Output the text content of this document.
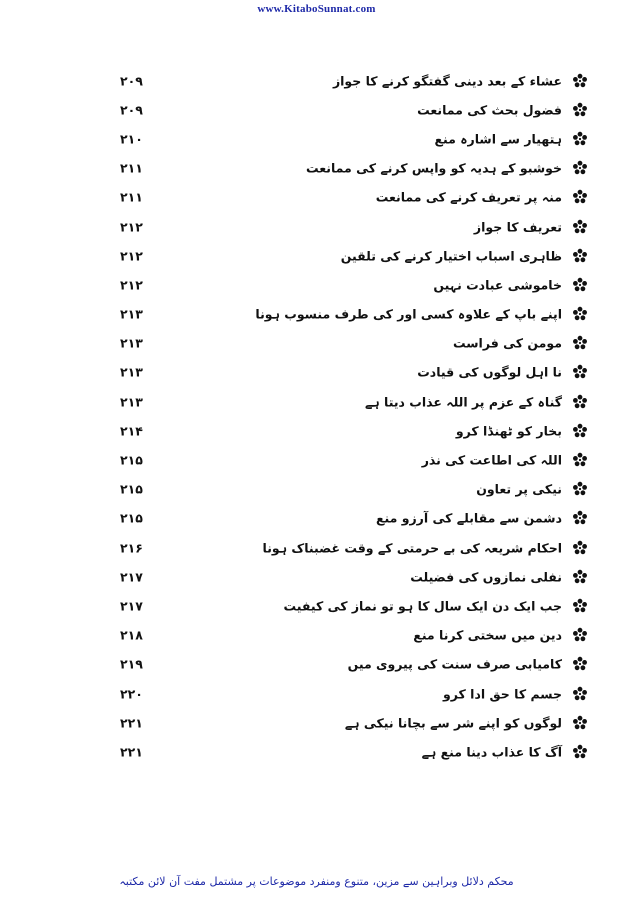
www.KitaboSunnat.com
۲۰۹	عشاء کے بعد دینی گفتگو کرنے کا جواز
۲۰۹	فضول بحث کی ممانعت
۲۱۰	ہتھیار سے اشارہ منع
۲۱۱	خوشبو کے ہدیہ کو واپس کرنے کی ممانعت
۲۱۱	منہ پر تعریف کرنے کی ممانعت
۲۱۲	تعریف کا جواز
۲۱۲	ظاہری اسباب اختیار کرنے کی تلقین
۲۱۲	خاموشی عبادت نہیں
۲۱۳	اپنے باپ کے علاوہ کسی اور کی طرف منسوب ہونا
۲۱۳	مومن کی فراست
۲۱۳	نا اہل لوگوں کی قیادت
۲۱۳	گناہ کے عزم پر اللہ عذاب دیتا ہے
۲۱۴	بخار کو ٹھنڈا کرو
۲۱۵	اللہ کی اطاعت کی نذر
۲۱۵	نیکی پر تعاون
۲۱۵	دشمن سے مقابلے کی آرزو منع
۲۱۶	احکام شریعہ کی بے حرمتی کے وقت غضبناک ہونا
۲۱۷	نفلی نمازوں کی فضیلت
۲۱۷	جب ایک دن ایک سال کا ہو تو نماز کی کیفیت
۲۱۸	دین میں سختی کرنا منع
۲۱۹	کامیابی صرف سنت کی پیروی میں
۲۲۰	جسم کا حق ادا کرو
۲۲۱	لوگوں کو اپنے شر سے بچانا نیکی ہے
۲۲۱	آگ کا عذاب دینا منع ہے
محکم دلائل وبراہین سے مزین، متنوع ومنفرد موضوعات پر مشتمل مفت آن لائن مکتبہ
